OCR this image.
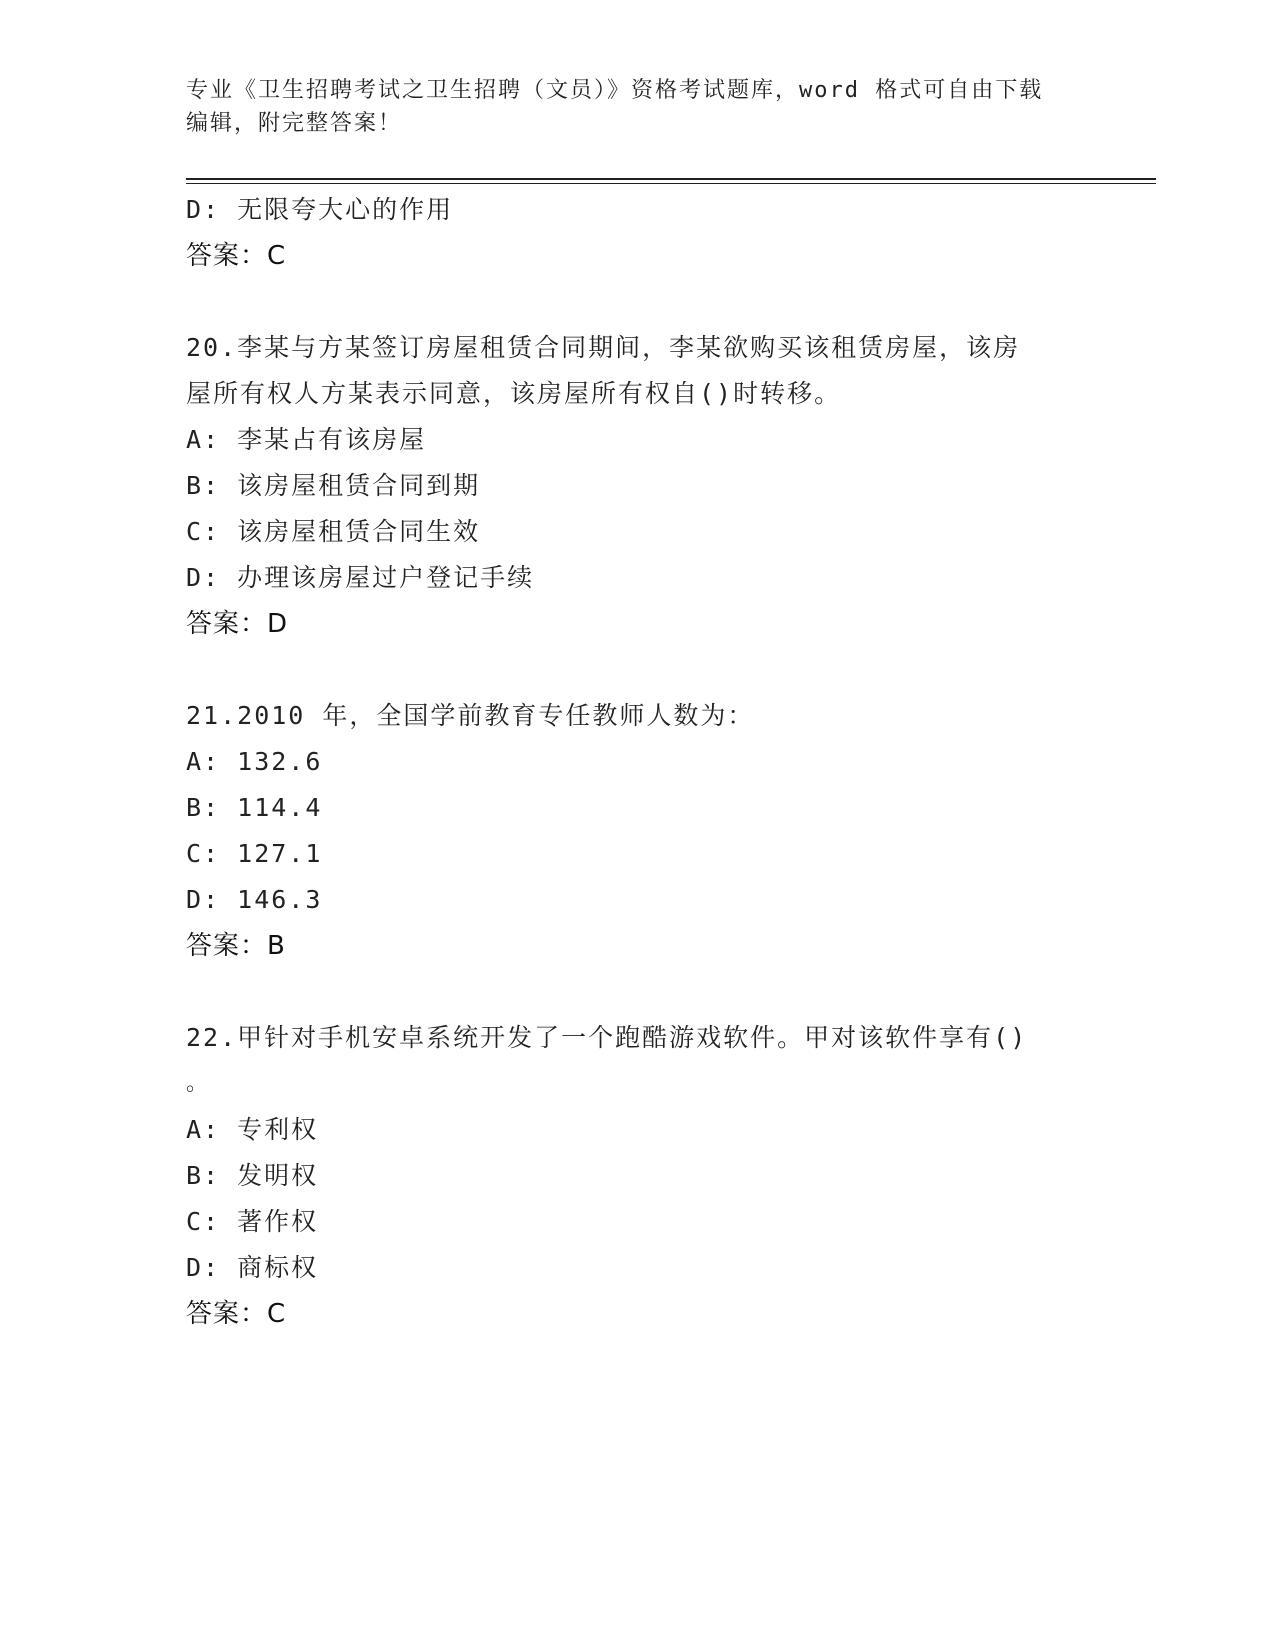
专业《卫生招聘考试之卫生招聘（文员）》资格考试题库，word 格式可自由下载
编辑，附完整答案！
D: 无限夸大心的作用
答案：C
20.李某与方某签订房屋租赁合同期间，李某欲购买该租赁房屋，该房
屋所有权人方某表示同意，该房屋所有权自()时转移。
A: 李某占有该房屋
B: 该房屋租赁合同到期
C: 该房屋租赁合同生效
D: 办理该房屋过户登记手续
答案：D
21.2010 年，全国学前教育专任教师人数为：
A: 132.6
B: 114.4
C: 127.1
D: 146.3
答案：B
22.甲针对手机安卓系统开发了一个跑酷游戏软件。甲对该软件享有()
。
A: 专利权
B: 发明权
C: 著作权
D: 商标权
答案：C
